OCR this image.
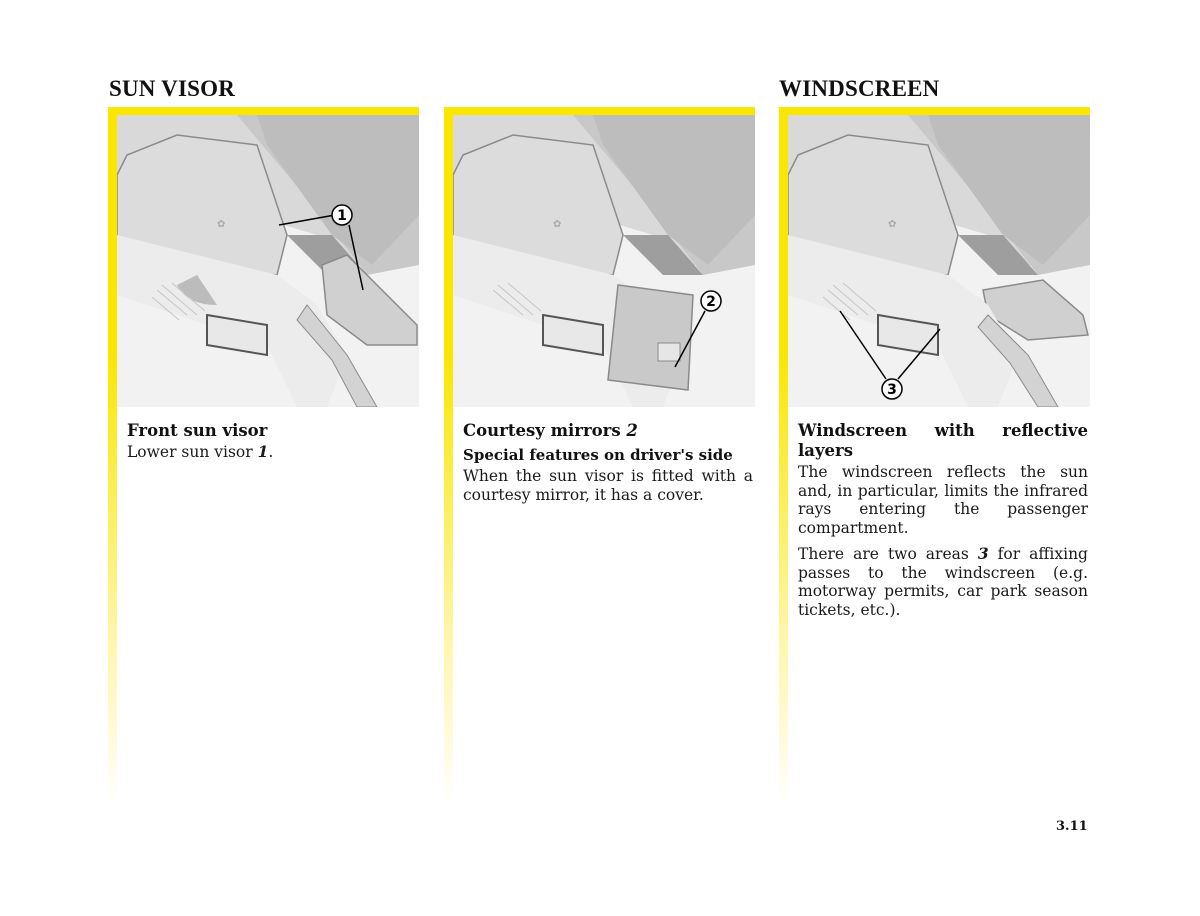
SUN VISOR	WINDSCREEN
✿
1
Front sun visor
Lower sun visor 1.
✿
2
Courtesy mirrors 2
Special features on driver's side
When the sun visor is fitted with a courtesy mirror, it has a cover.
✿
3
Windscreen with reflective layers
The windscreen reflects the sun and, in particular, limits the infrared rays entering the passenger compartment.
There are two areas 3 for affixing passes to the windscreen (e.g. motorway permits, car park season tickets, etc.).
3.11
